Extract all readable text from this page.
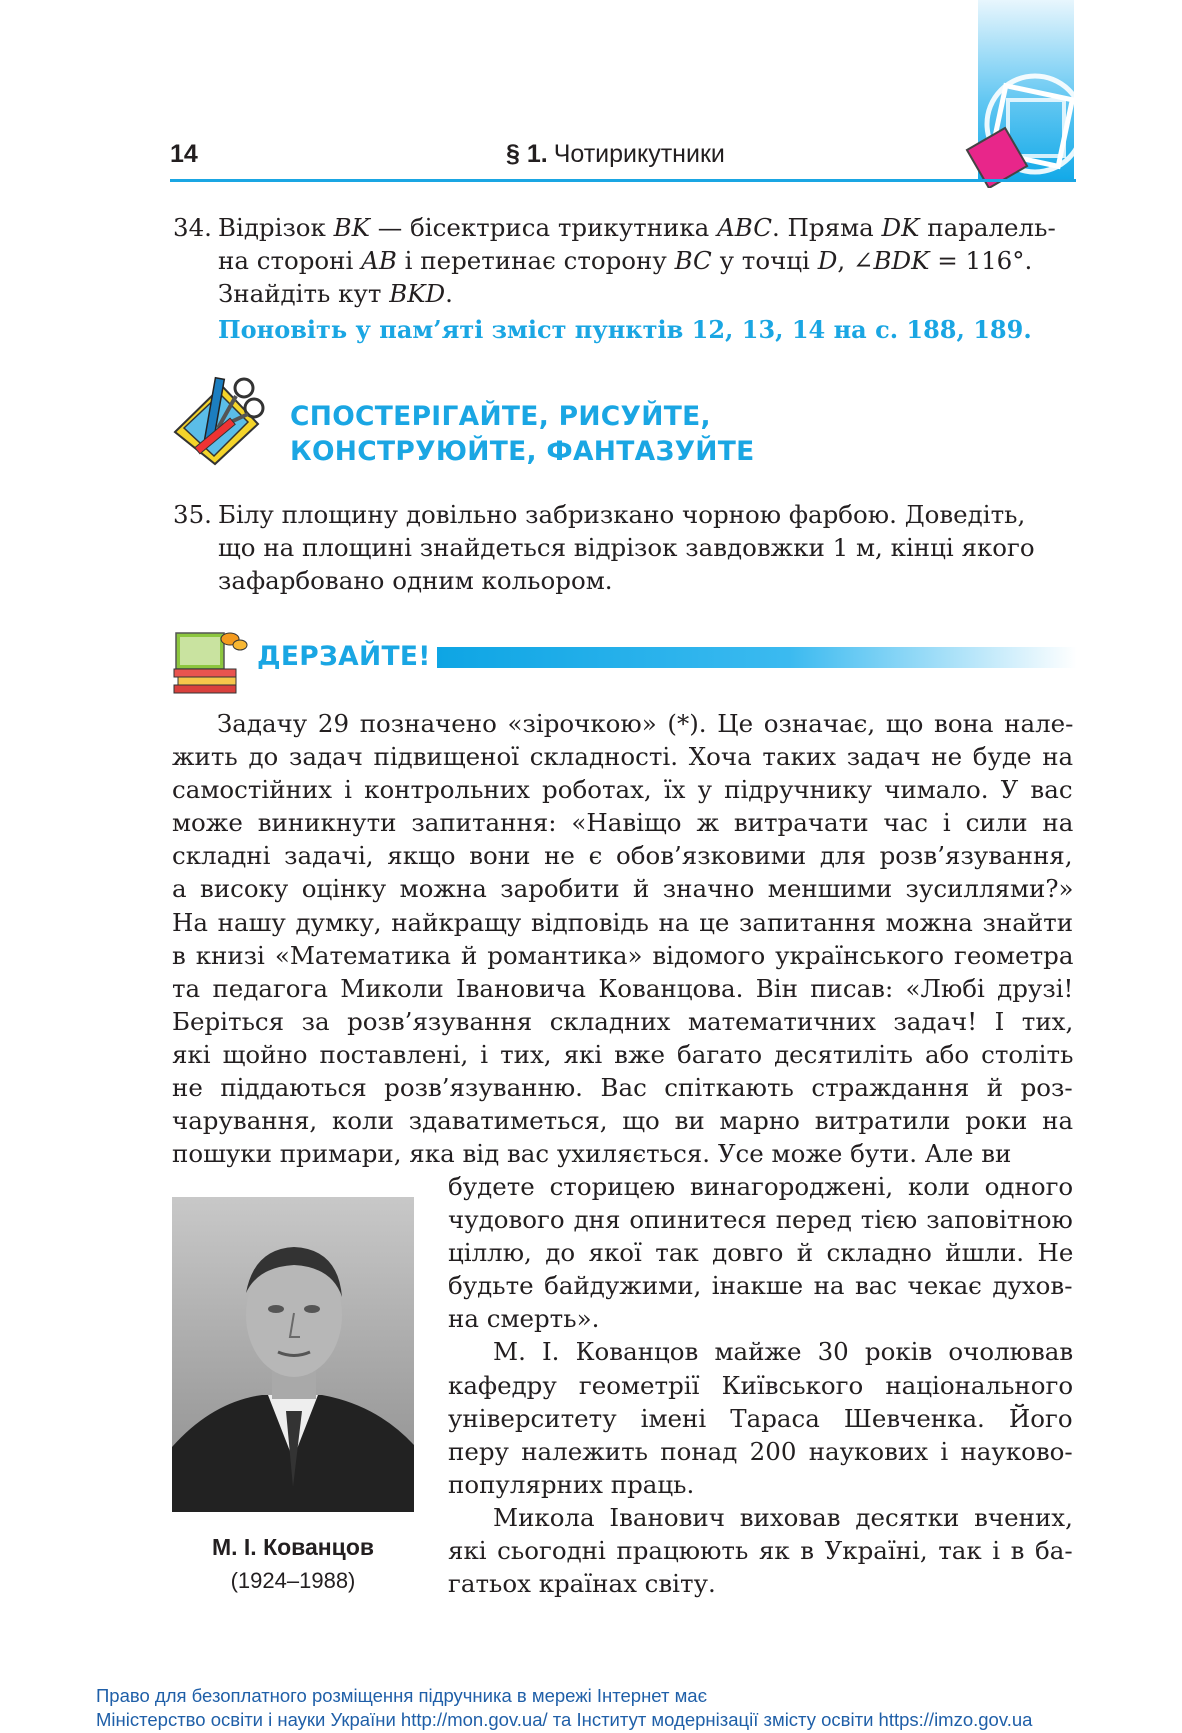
14	§ 1. Чотирикутники
34. Відрізок BK — бісектриса трикутника ABC. Пряма DK паралель-
на стороні AB і перетинає сторону BC у точці D, ∠BDK = 116°.
Знайдіть кут BKD.
Поновіть у пам’яті зміст пунктів 12, 13, 14 на с. 188, 189.
СПОСТЕРІГАЙТЕ, РИСУЙТЕ,
КОНСТРУЮЙТЕ, ФАНТАЗУЙТЕ
35. Білу площину довільно забризкано чорною фарбою. Доведіть,
що на площині знайдеться відрізок завдовжки 1 м, кінці якого
зафарбовано одним кольором.
ДЕРЗАЙТЕ!
Задачу 29 позначено «зірочкою» (*). Це означає, що вона нале-
жить до задач підвищеної складності. Хоча таких задач не буде на
самостійних і контрольних роботах, їх у підручнику чимало. У вас
може виникнути запитання: «Навіщо ж витрачати час і сили на
складні задачі, якщо вони не є обов’язковими для розв’язування,
а високу оцінку можна заробити й значно меншими зусиллями?»
На нашу думку, найкращу відповідь на це запитання можна знайти
в книзі «Математика й романтика» відомого українського геометра
та педагога Миколи Івановича Кованцова. Він писав: «Любі друзі!
Беріться за розв’язування складних математичних задач! І тих,
які щойно поставлені, і тих, які вже багато десятиліть або століть
не піддаються розв’язуванню. Вас спіткають страждання й роз-
чарування, коли здаватиметься, що ви марно витратили роки на
пошуки примари, яка від вас ухиляється. Усе може бути. Але ви
М. І. Кованцов
(1924–1988)
будете сторицею винагороджені, коли одного
чудового дня опинитеся перед тією заповітною
ціллю, до якої так довго й складно йшли. Не
будьте байдужими, інакше на вас чекає духов-
на смерть».
М. І. Кованцов майже 30 років очолював
кафедру геометрії Київського національного
університету імені Тараса Шевченка. Його
перу належить понад 200 наукових і науково-
популярних праць.
Микола Іванович виховав десятки вчених,
які сьогодні працюють як в Україні, так і в ба-
гатьох країнах світу.
Право для безоплатного розміщення підручника в мережі Інтернет має
Міністерство освіти і науки України http://mon.gov.ua/ та Інститут модернізації змісту освіти https://imzo.gov.ua
